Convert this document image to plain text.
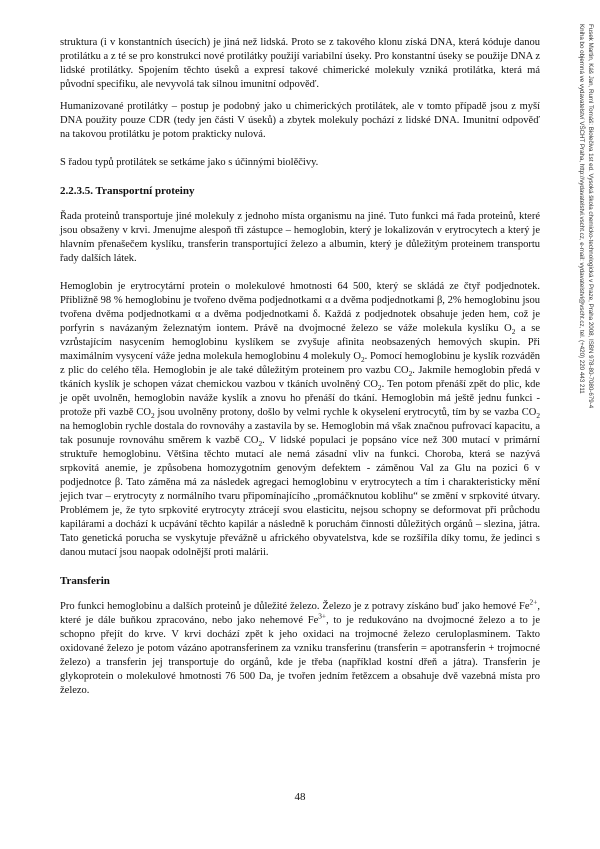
struktura (i v konstantních úsecích) je jiná než lidská. Proto se z takového klonu získá DNA, která kóduje danou protilátku a z té se pro konstrukci nové protilátky použijí variabilní úseky. Pro konstantní úseky se použije DNA z lidské protilátky. Spojením těchto úseků a expresí takové chimerické molekuly vzniká protilátka, která má původní specifiku, ale nevyvolá tak silnou imunitní odpověď.

Humanizované protilátky – postup je podobný jako u chimerických protilátek, ale v tomto případě jsou z myší DNA použity pouze CDR (tedy jen části V úseků) a zbytek molekuly pochází z lidské DNA. Imunitní odpověď na takovou protilátku je potom prakticky nulová.

S řadou typů protilátek se setkáme jako s účinnými biolěčivy.

2.2.3.5. Transportní proteiny

Řada proteinů transportuje jiné molekuly z jednoho místa organismu na jiné. Tuto funkci má řada proteinů, které jsou obsaženy v krvi. Jmenujme alespoň tři zástupce – hemoglobin, který je lokalizován v erytrocytech a který je hlavním přenašečem kyslíku, transferin transportující železo a albumin, který je důležitým proteinem transportu řady dalších látek.

Hemoglobin je erytrocytární protein o molekulové hmotnosti 64 500, který se skládá ze čtyř podjednotek. Přibližně 98 % hemoglobinu je tvořeno dvěma podjednotkami α a dvěma podjednotkami β, 2% hemoglobinu jsou tvořena dvěma podjednotkami α a dvěma podjednotkami δ. Každá z podjednotek obsahuje jeden hem, což je porfyrin s navázaným železnatým iontem. Právě na dvojmocné železo se váže molekula kyslíku $O_2$ a se vzrůstajícím nasycením hemoglobinu kyslíkem se zvyšuje afinita neobsazených hemových skupin. Při maximálním vysycení váže jedna molekula hemoglobinu 4 molekuly $O_2$. Pomocí hemoglobinu je kyslík rozváděn z plic do celého těla. Hemoglobin je ale také důležitým proteinem pro vazbu $CO_2$. Jakmile hemoglobin předá v tkáních kyslík je schopen vázat chemickou vazbou v tkáních uvolněný $CO_2$. Ten potom přenáší zpět do plic, kde je opět uvolněn, hemoglobin naváže kyslík a znovu ho přenáší do tkání. Hemoglobin má ještě jednu funkci - protože při vazbě $CO_2$ jsou uvolněny protony, došlo by velmi rychle k okyselení erytrocytů, tím by se vazba $CO_2$ na hemoglobin rychle dostala do rovnováhy a zastavila by se. Hemoglobin má však značnou pufrovací kapacitu, a tak posunuje rovnováhu směrem k vazbě $CO_2$. V lidské populaci je popsáno více než 300 mutací v primární struktuře hemoglobinu. Většina těchto mutací ale nemá zásadní vliv na funkci. Choroba, která se nazývá srpkovitá anemie, je způsobena homozygotním genovým defektem - záměnou Val za Glu na pozici 6 v podjednotce β. Tato záměna má za následek agregaci hemoglobinu v erytrocytech a tím i charakteristicky mění jejich tvar – erytrocyty z normálního tvaru připomínajícího „promáčknutou koblihu“ se změní v srpkovité útvary. Problémem je, že tyto srpkovité erytrocyty ztrácejí svou elasticitu, nejsou schopny se deformovat při průchodu kapilárami a dochází k ucpávání těchto kapilár a následně k poruchám činnosti důležitých orgánů – slezina, játra. Tato genetická porucha se vyskytuje převážně u afrického obyvatelstva, kde se rozšířila díky tomu, že jedinci s danou mutací jsou naopak odolnější proti malárii.

Transferin

Pro funkci hemoglobinu a dalších proteinů je důležité železo. Železo je z potravy získáno buď jako hemové $Fe^{2+}$, které je dále buňkou zpracováno, nebo jako nehemové $Fe^{3+}$, to je redukováno na dvojmocné železo a to je schopno přejít do krve. V krvi dochází zpět k jeho oxidaci na trojmocné železo ceruloplasminem. Takto oxidované železo je potom vázáno apotransferinem za vzniku transferinu (transferin = apotransferin + trojmocné železo) a transferin jej transportuje do orgánů, kde je třeba (například kostní dřeň a játra). Transferin je glykoprotein o molekulové hmotnosti 76 500 Da, je tvořen jedním řetězcem a obsahuje dvě vazebná místa pro železo.

48
Fusek Martin, Káš Jan, Ruml Tomáš: Biolečiva 1st ed. Vysoká škola chemicko-technologická v Praze, Praha 2008, ISBN 978-80-7080-679-4
Kniha bo objemná ve vydavatelství VŠCHT Praha, http://vydavatelstvi.vscht.cz, e-mail: vydavatelstvi@vscht.cz, tel. (+420) 220 443 211
